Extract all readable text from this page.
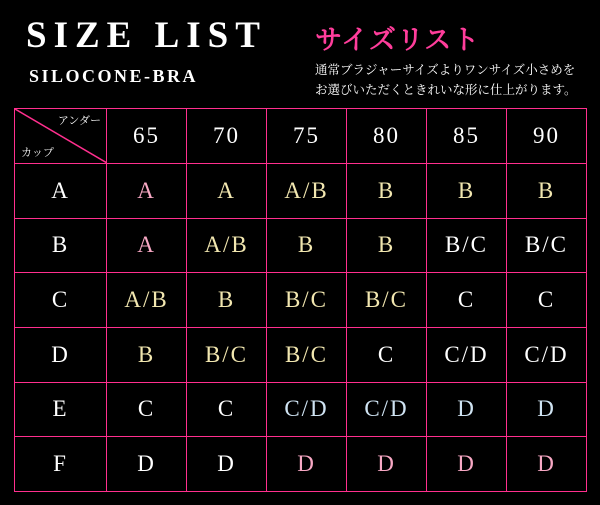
SIZE LIST
SILOCONE-BRA
サイズリスト
通常ブラジャーサイズよりワンサイズ小さめを
お選びいただくときれいな形に仕上がります。
アンダー
カップ	65	70	75	80	85	90
A	A	A	A/B	B	B	B
B	A	A/B	B	B	B/C	B/C
C	A/B	B	B/C	B/C	C	C
D	B	B/C	B/C	C	C/D	C/D
E	C	C	C/D	C/D	D	D
F	D	D	D	D	D	D
